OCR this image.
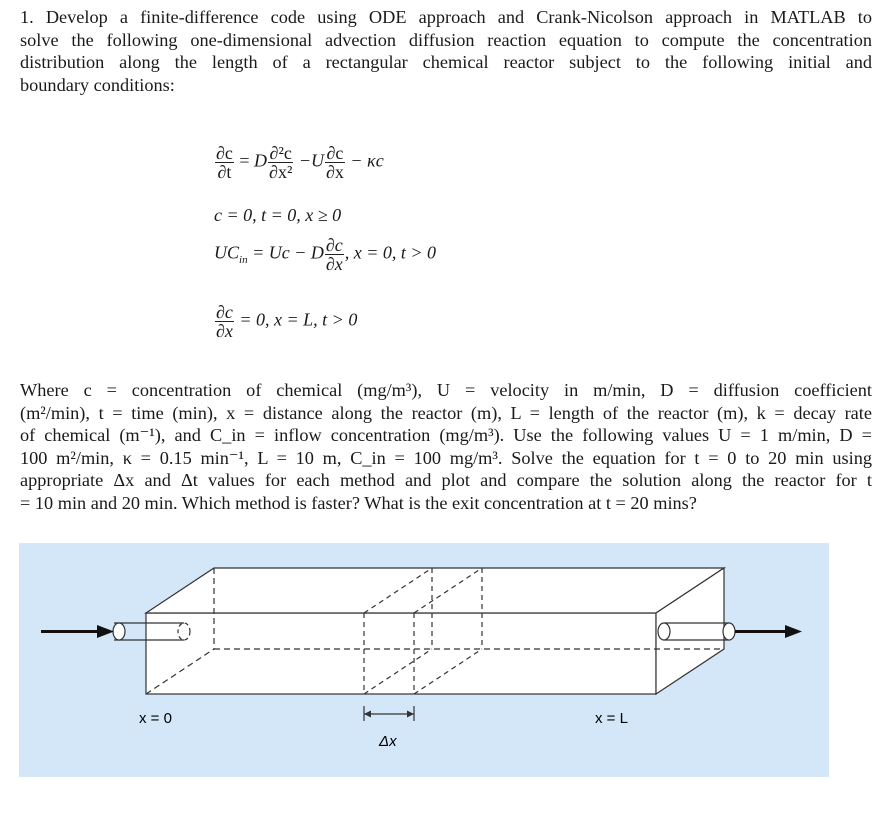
1. Develop a finite-difference code using ODE approach and Crank-Nicolson approach in MATLAB to
solve the following one-dimensional advection diffusion reaction equation to compute the concentration
distribution along the length of a rectangular chemical reactor subject to the following initial and
boundary conditions:
$\frac{\partial c}{\partial t} = D \frac{\text{∂²c}}{\text{∂x²}} -U \frac{\partial c}{\partial x} - \kappa c$
c = 0, t = 0, x ≥ 0
$UC_{in} = Uc - D \frac{\partial c}{\partial x}$ , x = 0, t > 0
$\frac{\partial c}{\partial x} = 0$, x = L, t > 0
Where c = concentration of chemical (mg/m³), U = velocity in m/min, D = diffusion coefficient
(m²/min), t = time (min), x = distance along the reactor (m), L = length of the reactor (m), k = decay rate
of chemical (m⁻¹), and C_in = inflow concentration (mg/m³). Use the following values U = 1 m/min, D =
100 m²/min, κ = 0.15 min⁻¹, L = 10 m, C_in = 100 mg/m³. Solve the equation for t = 0 to 20 min using
appropriate Δx and Δt values for each method and plot and compare the solution along the reactor for t
= 10 min and 20 min. Which method is faster? What is the exit concentration at t = 20 mins?
x = 0	x = L
Δx
